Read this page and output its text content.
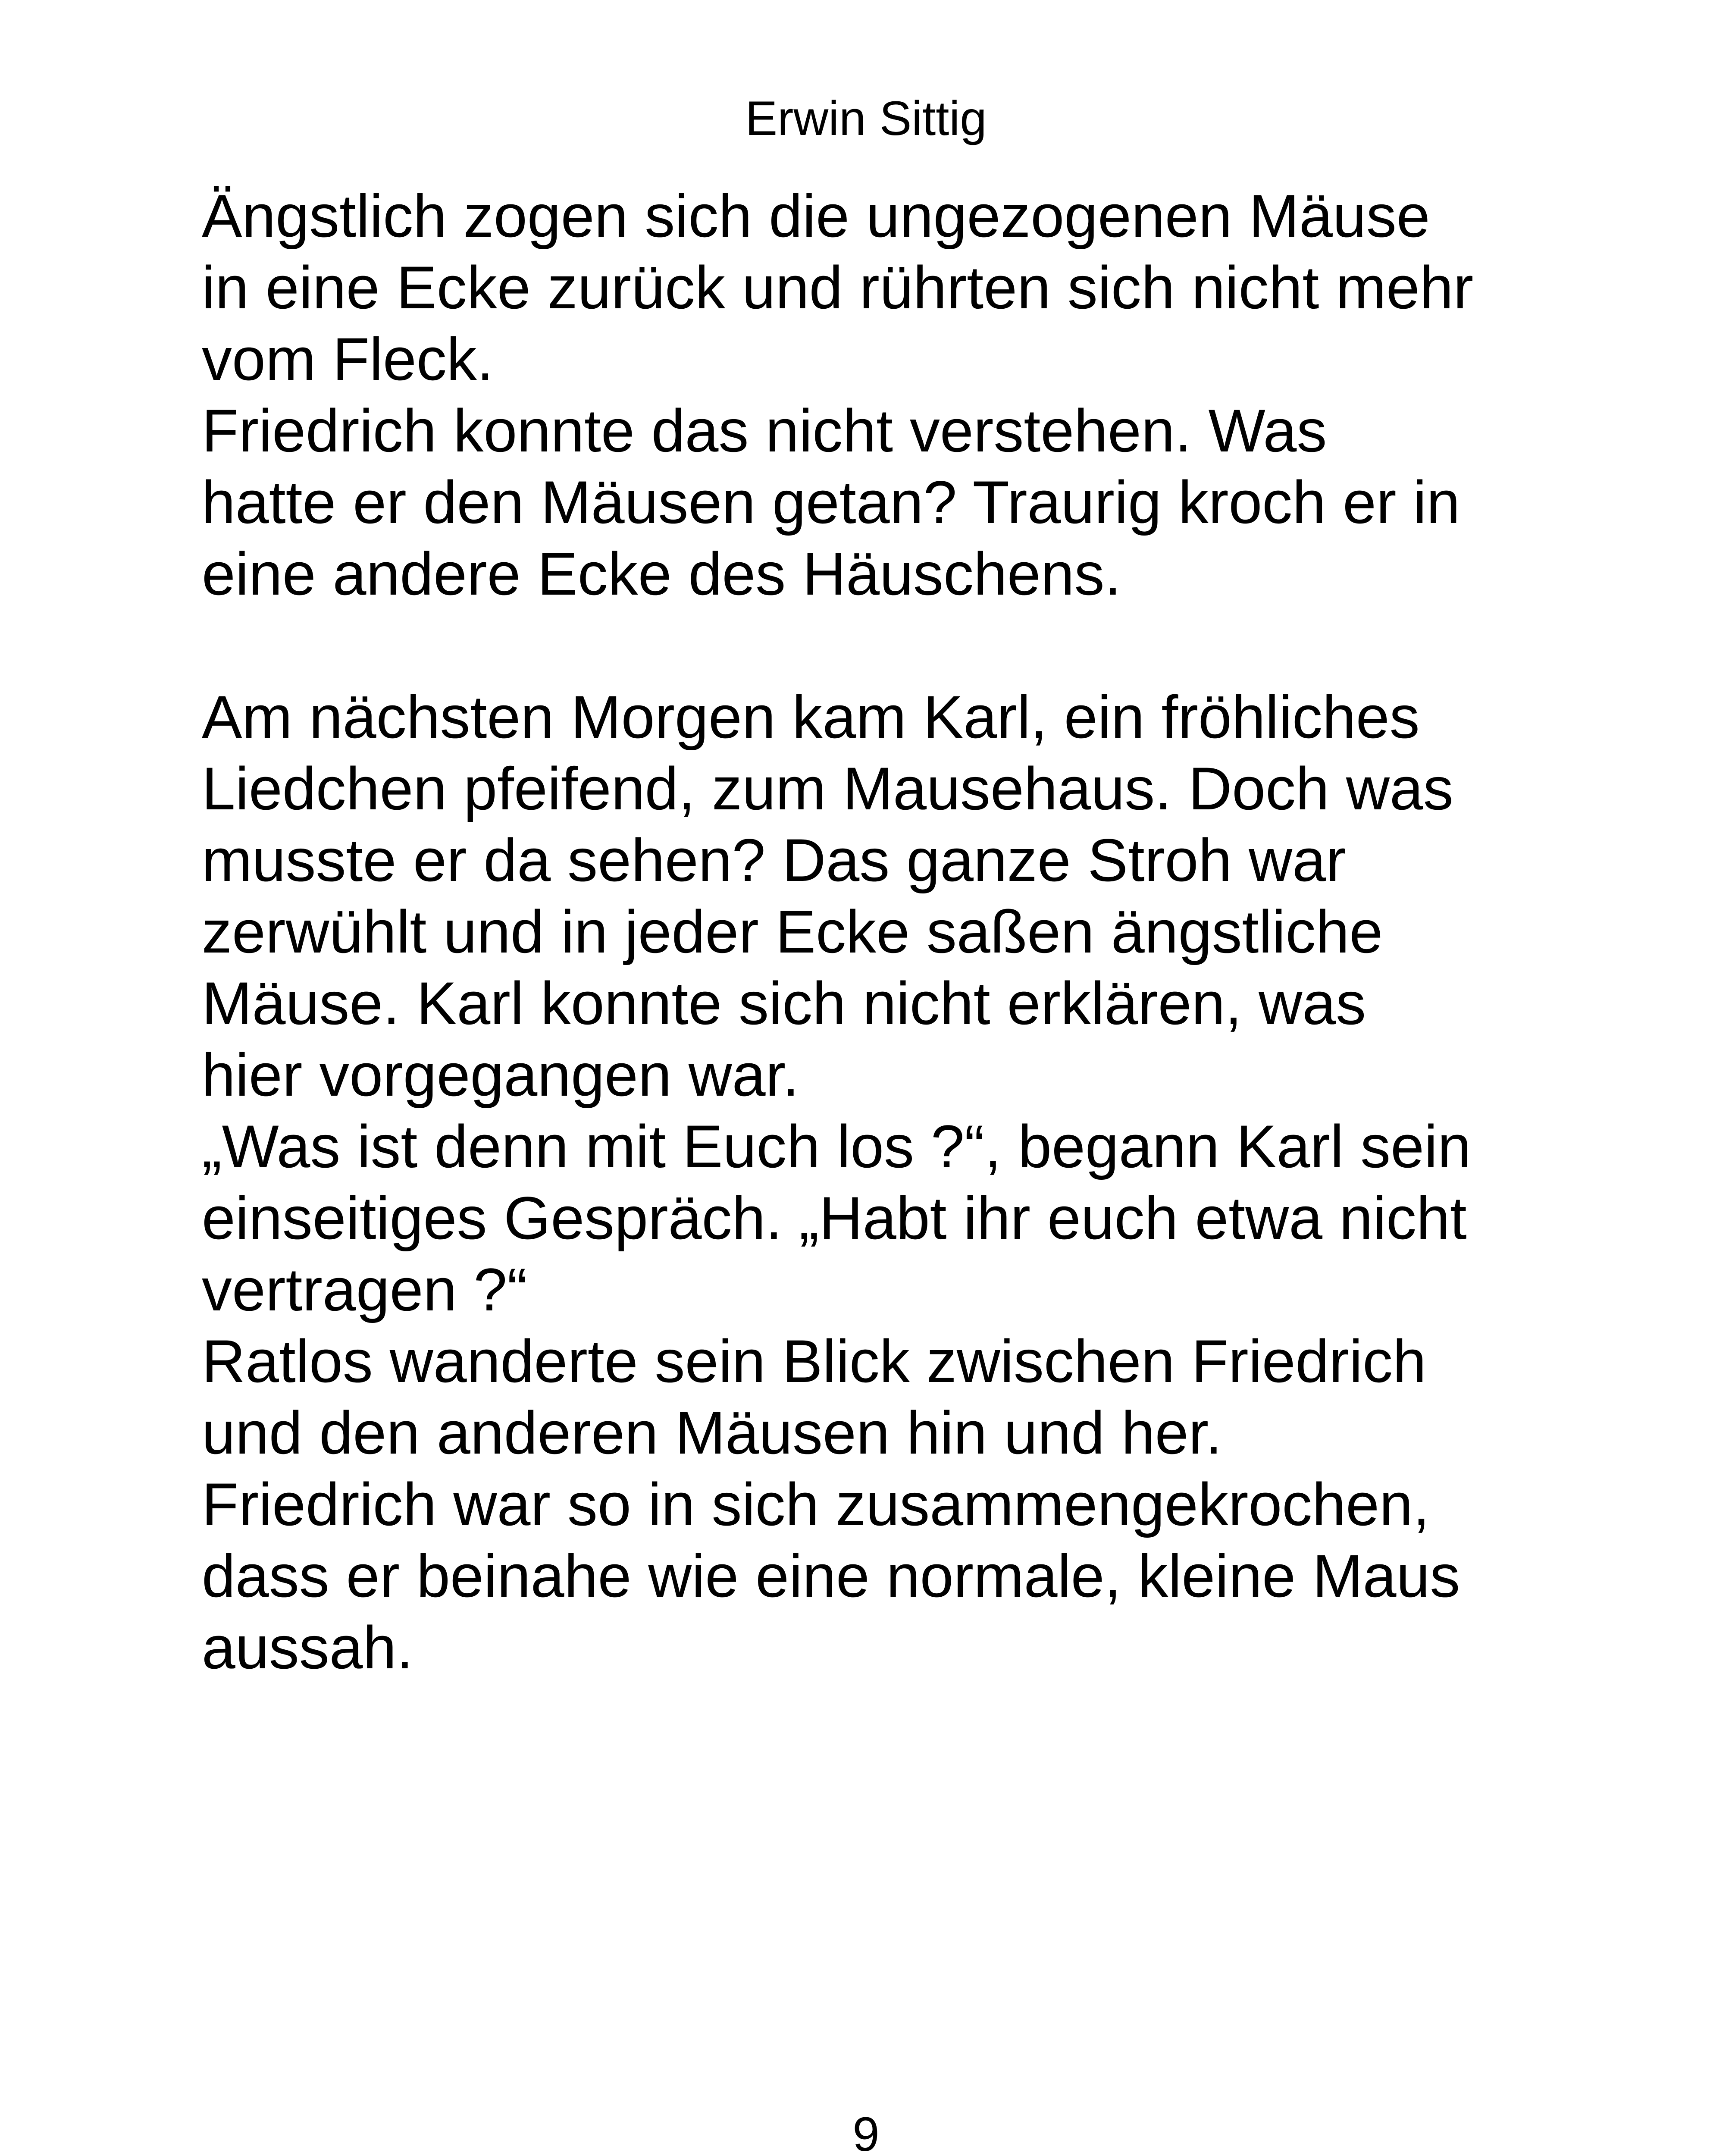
Erwin Sittig
Ängstlich zogen sich die ungezogenen Mäuse
in eine Ecke zurück und rührten sich nicht mehr
vom Fleck.
Friedrich konnte das nicht verstehen. Was
hatte er den Mäusen getan? Traurig kroch er in
eine andere Ecke des Häuschens.
Am nächsten Morgen kam Karl, ein fröhliches
Liedchen pfeifend, zum Mausehaus. Doch was
musste er da sehen? Das ganze Stroh war
zerwühlt und in jeder Ecke saßen ängstliche
Mäuse. Karl konnte sich nicht erklären, was
hier vorgegangen war.
„Was ist denn mit Euch los ?“, begann Karl sein
einseitiges Gespräch. „Habt ihr euch etwa nicht
vertragen ?“
Ratlos wanderte sein Blick zwischen Friedrich
und den anderen Mäusen hin und her.
Friedrich war so in sich zusammengekrochen,
dass er beinahe wie eine normale, kleine Maus
aussah.
9
